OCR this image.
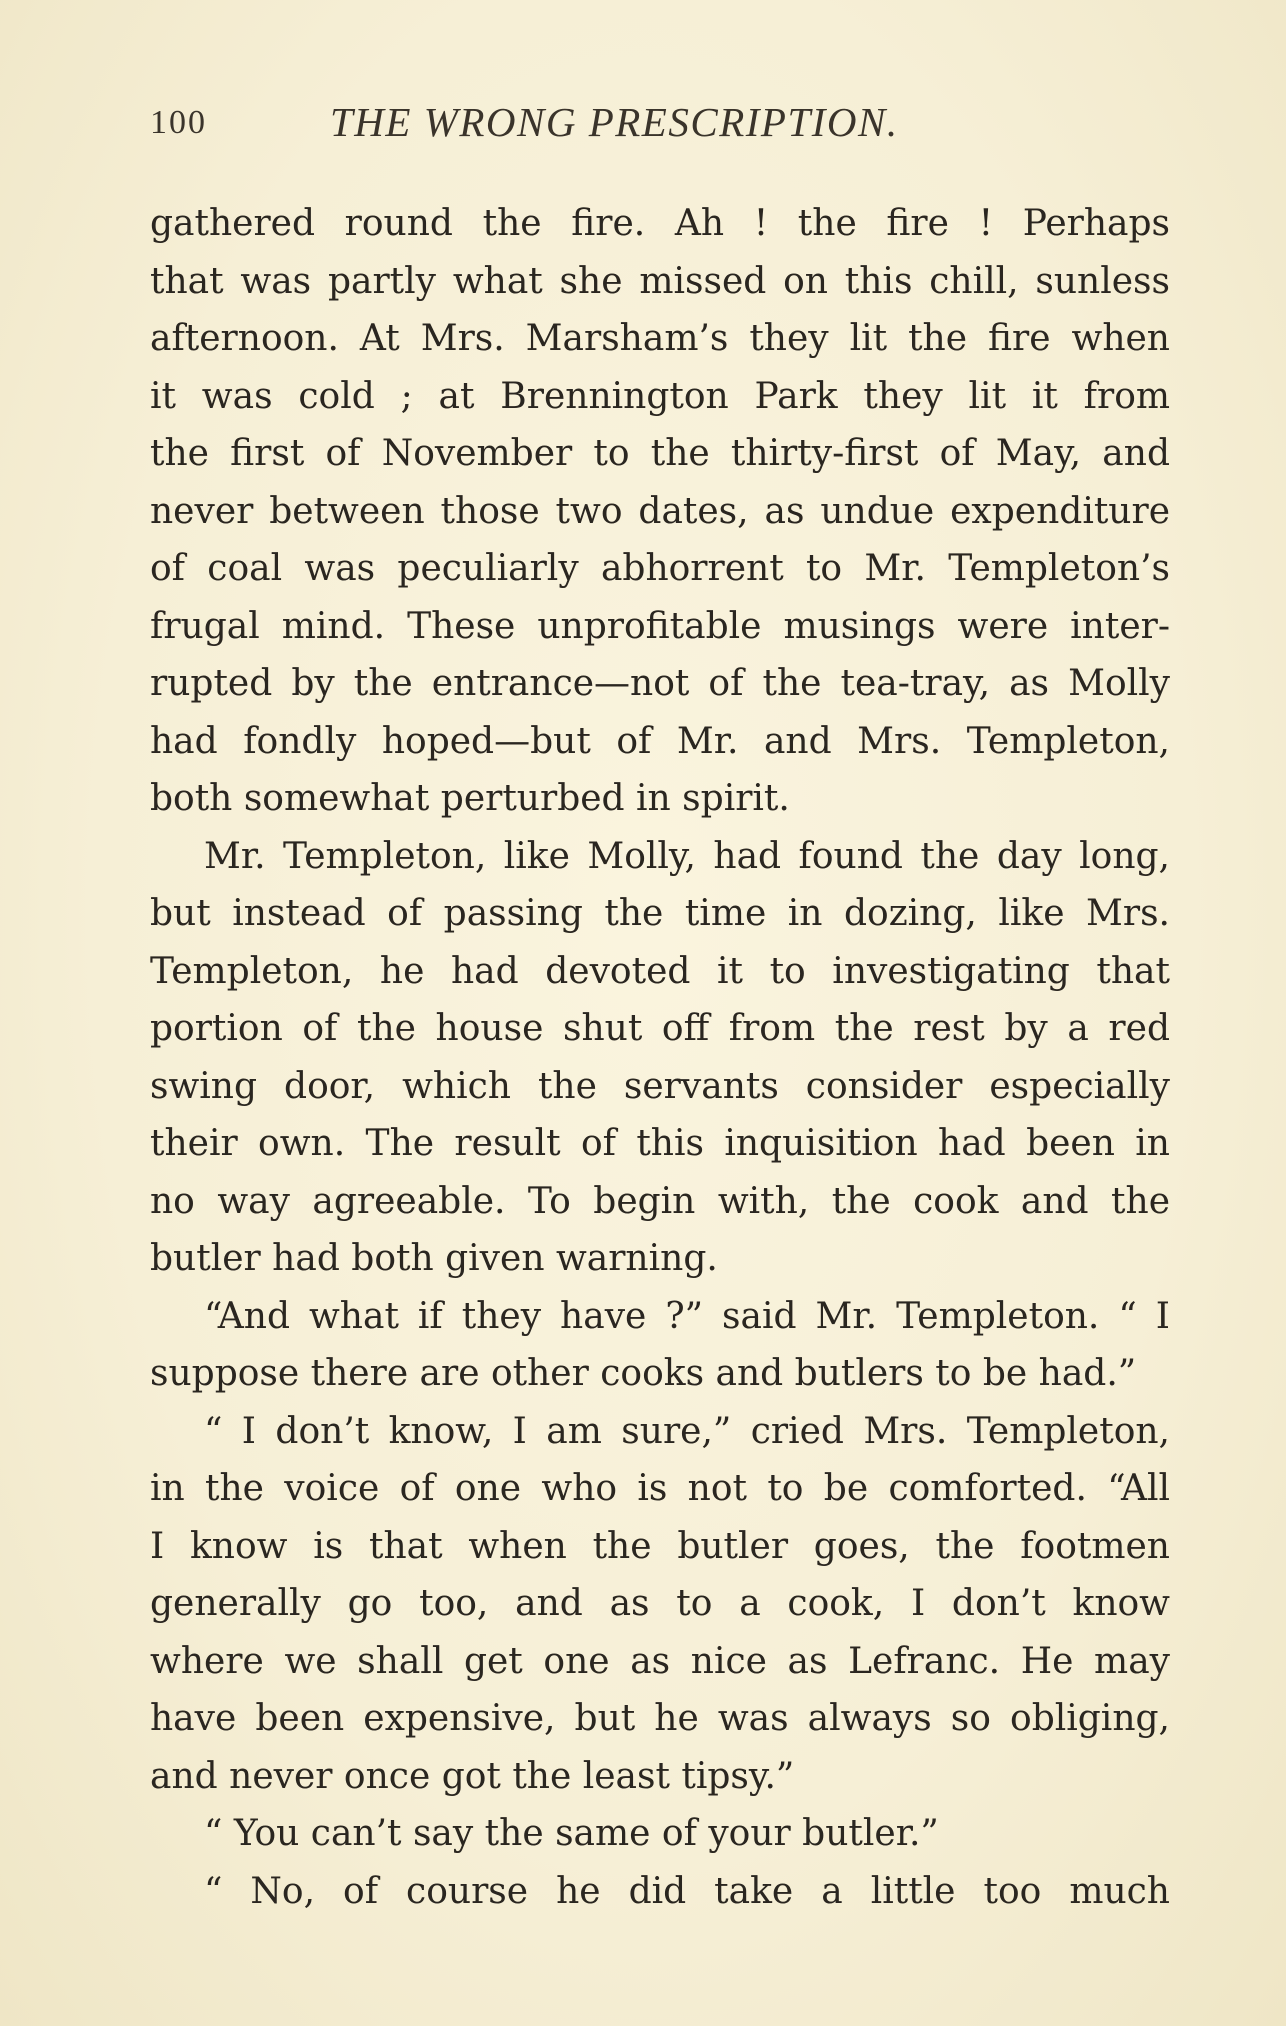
100	THE WRONG PRESCRIPTION.
gathered round the fire. Ah ! the fire ! Perhaps
that was partly what she missed on this chill, sunless
afternoon. At Mrs. Marsham’s they lit the fire when
it was cold ; at Brennington Park they lit it from
the first of November to the thirty-first of May, and
never between those two dates, as undue expenditure
of coal was peculiarly abhorrent to Mr. Templeton’s
frugal mind. These unprofitable musings were inter-
rupted by the entrance—not of the tea-tray, as Molly
had fondly hoped—but of Mr. and Mrs. Templeton,
both somewhat perturbed in spirit.
Mr. Templeton, like Molly, had found the day long,
but instead of passing the time in dozing, like Mrs.
Templeton, he had devoted it to investigating that
portion of the house shut off from the rest by a red
swing door, which the servants consider especially
their own. The result of this inquisition had been in
no way agreeable. To begin with, the cook and the
butler had both given warning.
“And what if they have ?” said Mr. Templeton. “ I
suppose there are other cooks and butlers to be had.”
“ I don’t know, I am sure,” cried Mrs. Templeton,
in the voice of one who is not to be comforted. “All
I know is that when the butler goes, the footmen
generally go too, and as to a cook, I don’t know
where we shall get one as nice as Lefranc. He may
have been expensive, but he was always so obliging,
and never once got the least tipsy.”
“ You can’t say the same of your butler.”
“ No, of course he did take a little too much
